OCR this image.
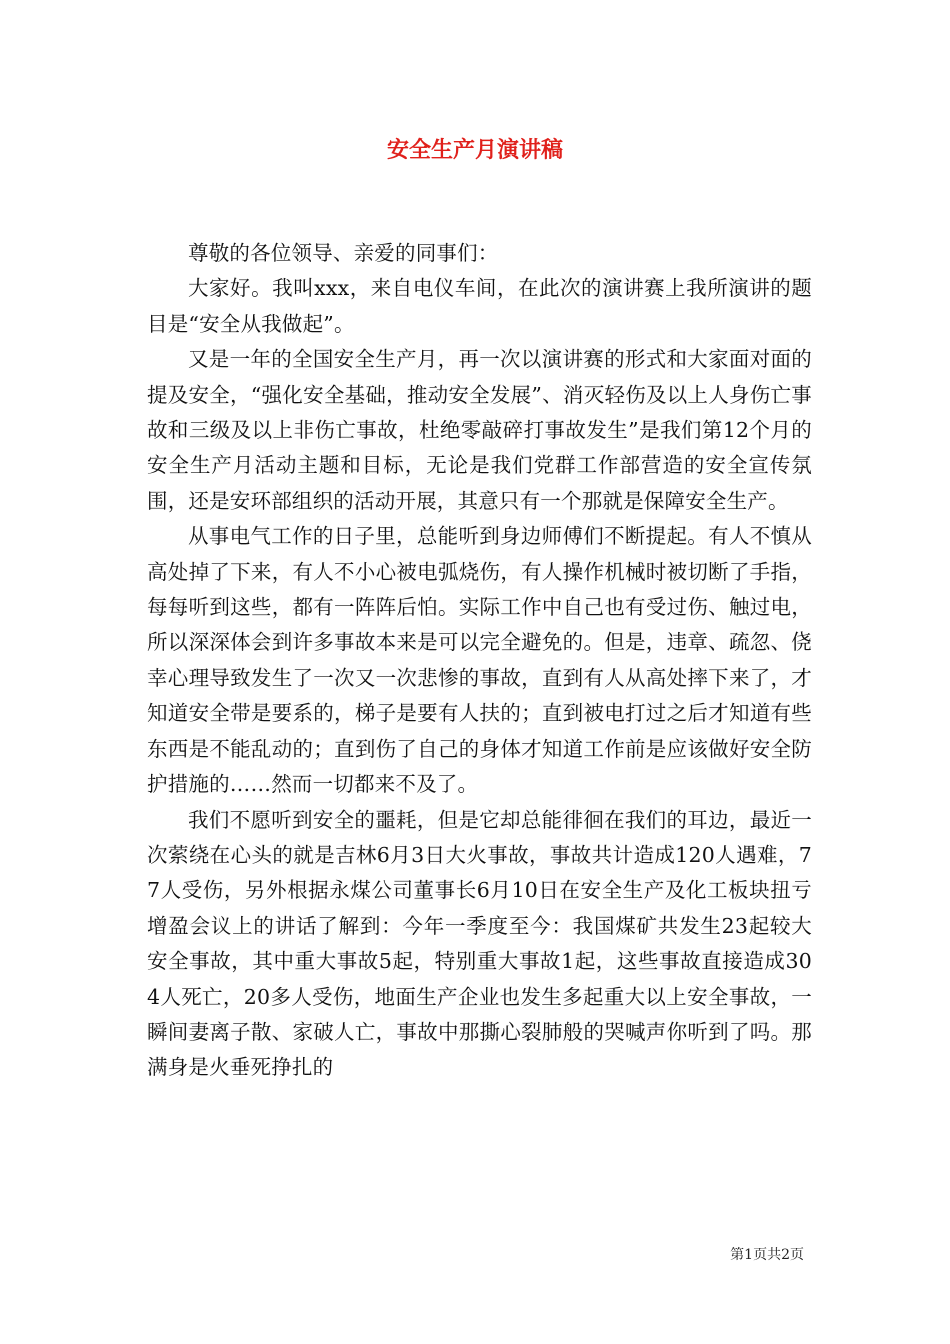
安全生产月演讲稿

尊敬的各位领导、亲爱的同事们：

大家好。我叫xxx，来自电仪车间，在此次的演讲赛上我所演讲的题目是“安全从我做起”。

又是一年的全国安全生产月，再一次以演讲赛的形式和大家面对面的提及安全，“强化安全基础，推动安全发展”、消灭轻伤及以上人身伤亡事故和三级及以上非伤亡事故，杜绝零敲碎打事故发生”是我们第12个月的安全生产月活动主题和目标，无论是我们党群工作部营造的安全宣传氛围，还是安环部组织的活动开展，其意只有一个那就是保障安全生产。

从事电气工作的日子里，总能听到身边师傅们不断提起。有人不慎从高处掉了下来，有人不小心被电弧烧伤，有人操作机械时被切断了手指，每每听到这些，都有一阵阵后怕。实际工作中自己也有受过伤、触过电，所以深深体会到许多事故本来是可以完全避免的。但是，违章、疏忽、侥幸心理导致发生了一次又一次悲惨的事故，直到有人从高处摔下来了，才知道安全带是要系的，梯子是要有人扶的；直到被电打过之后才知道有些东西是不能乱动的；直到伤了自己的身体才知道工作前是应该做好安全防护措施的……然而一切都来不及了。

我们不愿听到安全的噩耗，但是它却总能徘徊在我们的耳边，最近一次萦绕在心头的就是吉林6月3日大火事故，事故共计造成120人遇难，77人受伤，另外根据永煤公司董事长6月10日在安全生产及化工板块扭亏增盈会议上的讲话了解到：今年一季度至今：我国煤矿共发生23起较大安全事故，其中重大事故5起，特别重大事故1起，这些事故直接造成304人死亡，20多人受伤，地面生产企业也发生多起重大以上安全事故，一瞬间妻离子散、家破人亡，事故中那撕心裂肺般的哭喊声你听到了吗。那满身是火垂死挣扎的

第1页共2页
